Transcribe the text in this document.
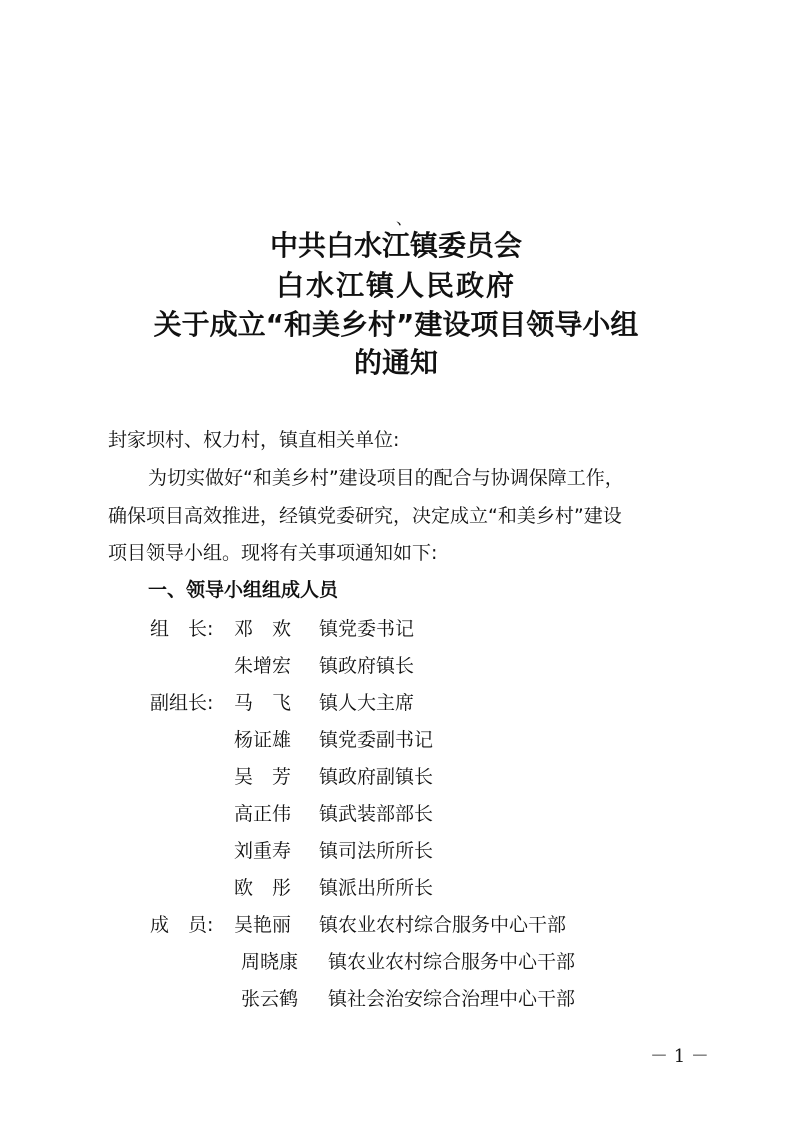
、
中共白水江镇委员会
白水江镇人民政府
关于成立“和美乡村”建设项目领导小组
的通知
封家坝村、权力村，镇直相关单位:
为切实做好“和美乡村”建设项目的配合与协调保障工作，
确保项目高效推进，经镇党委研究，决定成立“和美乡村”建设
项目领导小组。现将有关事项通知如下:
一、领导小组组成人员
组　长: 邓　欢 镇党委书记
朱增宏 镇政府镇长
副组长: 马　飞 镇人大主席
杨证雄 镇党委副书记
吴　芳 镇政府副镇长
高正伟 镇武装部部长
刘重寿 镇司法所所长
欧　彤 镇派出所所长
成　员: 吴艳丽 镇农业农村综合服务中心干部
周晓康 镇农业农村综合服务中心干部
张云鹤 镇社会治安综合治理中心干部
－ 1 －
